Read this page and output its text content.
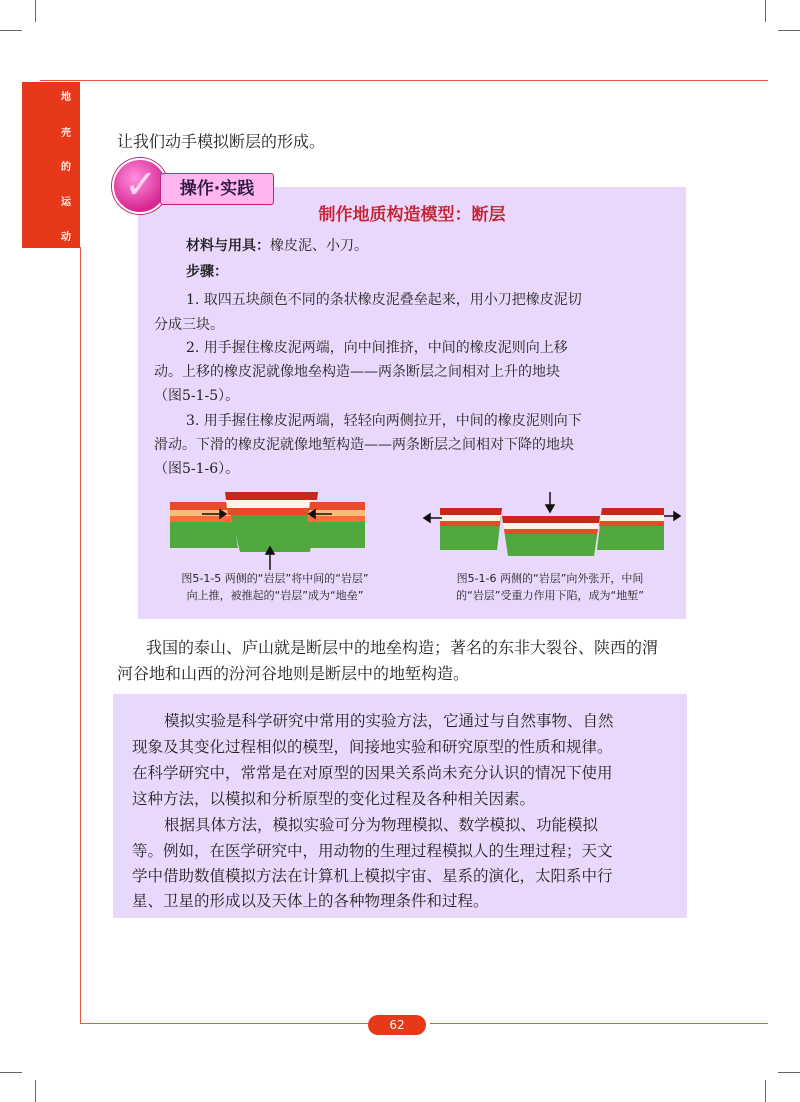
地
壳
的
运
动
让我们动手模拟断层的形成。
✓	操作·实践
制作地质构造模型：断层
材料与用具：橡皮泥、小刀。
步骤：
1. 取四五块颜色不同的条状橡皮泥叠垒起来，用小刀把橡皮泥切
分成三块。
2. 用手握住橡皮泥两端，向中间推挤，中间的橡皮泥则向上移
动。上移的橡皮泥就像地垒构造——两条断层之间相对上升的地块
（图5-1-5）。
3. 用手握住橡皮泥两端，轻轻向两侧拉开，中间的橡皮泥则向下
滑动。下滑的橡皮泥就像地堑构造——两条断层之间相对下降的地块
（图5-1-6）。
图5-1-5 两侧的“岩层”将中间的“岩层”
向上推，被推起的“岩层”成为“地垒”
图5-1-6 两侧的“岩层”向外张开，中间
的“岩层”受重力作用下陷，成为“地堑”
我国的泰山、庐山就是断层中的地垒构造；著名的东非大裂谷、陕西的渭
河谷地和山西的汾河谷地则是断层中的地堑构造。
模拟实验是科学研究中常用的实验方法，它通过与自然事物、自然
现象及其变化过程相似的模型，间接地实验和研究原型的性质和规律。
在科学研究中，常常是在对原型的因果关系尚未充分认识的情况下使用
这种方法，以模拟和分析原型的变化过程及各种相关因素。
根据具体方法，模拟实验可分为物理模拟、数学模拟、功能模拟
等。例如，在医学研究中，用动物的生理过程模拟人的生理过程；天文
学中借助数值模拟方法在计算机上模拟宇宙、星系的演化，太阳系中行
星、卫星的形成以及天体上的各种物理条件和过程。
62
